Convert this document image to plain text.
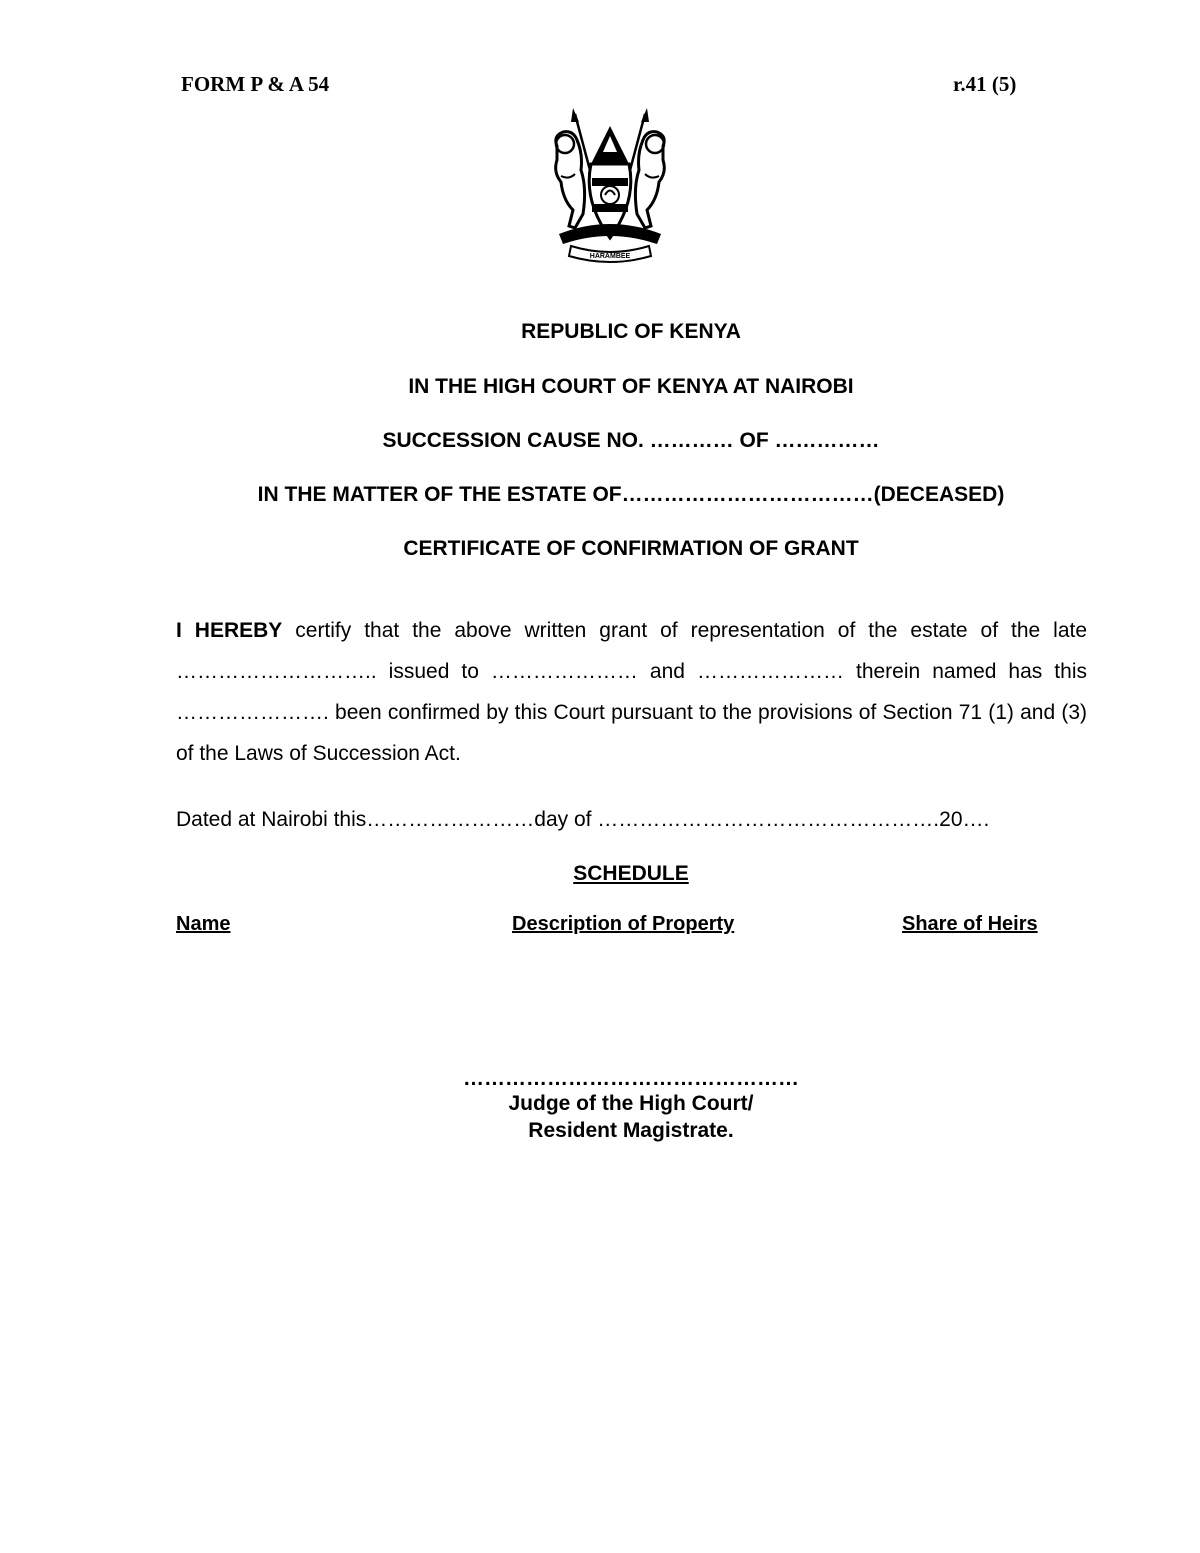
FORM P & A 54	r.41 (5)
HARAMBEE
REPUBLIC OF KENYA
IN THE HIGH COURT OF KENYA AT NAIROBI
SUCCESSION CAUSE NO. ………… OF ……………
IN THE MATTER OF THE ESTATE OF………………………………(DECEASED)
CERTIFICATE OF CONFIRMATION OF GRANT
I HEREBY certify that the above written grant of representation of the estate of the late ……………………….. issued to ………………… and ………………… therein named has this …………………. been confirmed by this Court pursuant to the provisions of Section 71 (1) and (3) of the Laws of Succession Act.
Dated at Nairobi this……………………day of ………………………………………….20….
SCHEDULE
Name	Description of Property	Share of Heirs
…………………………………………
Judge of the High Court/
Resident Magistrate.
